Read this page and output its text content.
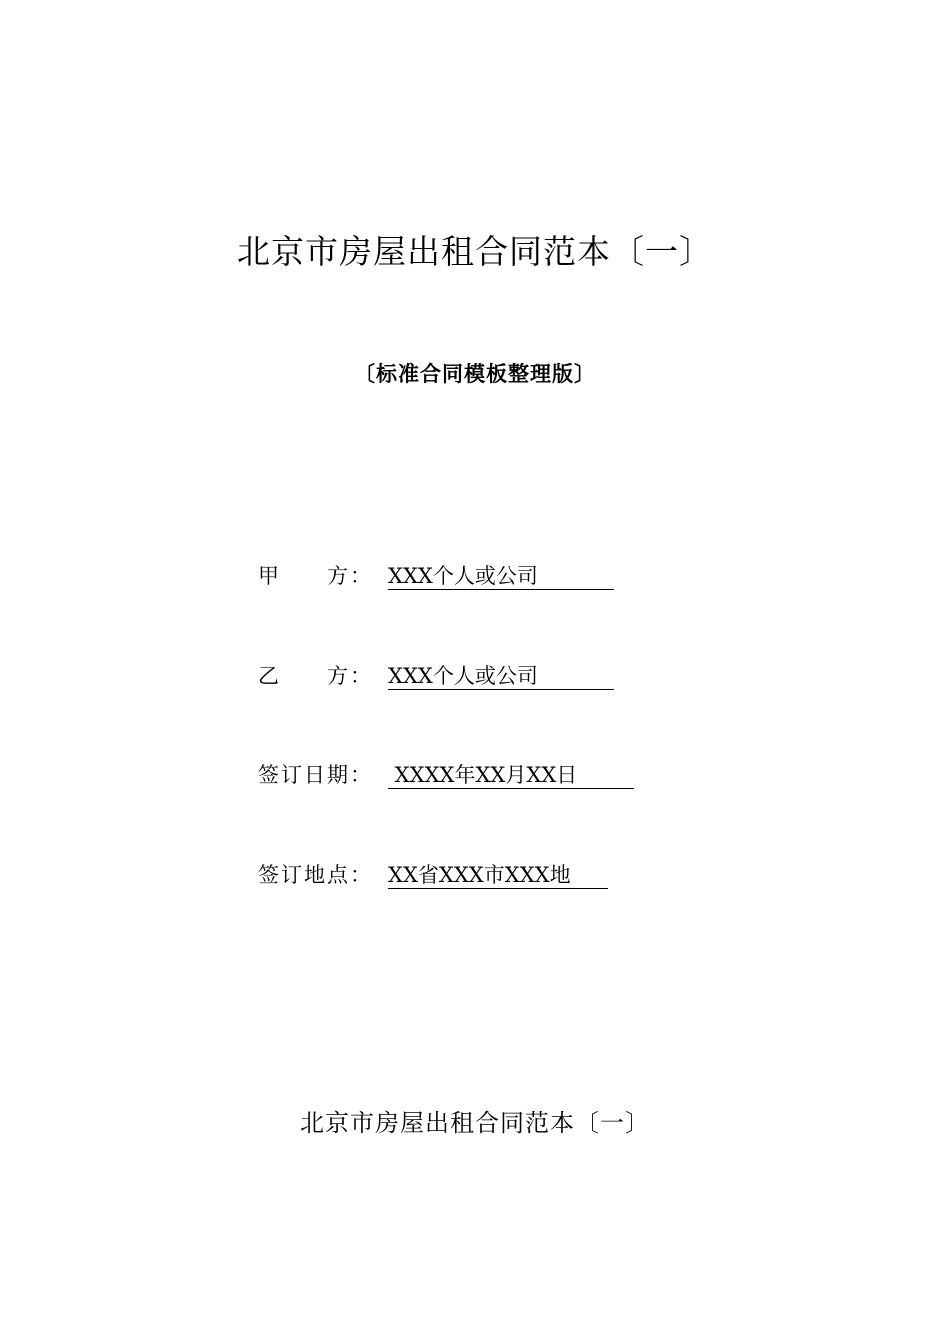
北京市房屋出租合同范本〔一〕
〔标准合同模板整理版〕
甲　　方： XXX个人或公司
乙　　方： XXX个人或公司
签订日期： XXXX年XX月XX日
签订地点： XX省XXX市XXX地
北京市房屋出租合同范本〔一〕
